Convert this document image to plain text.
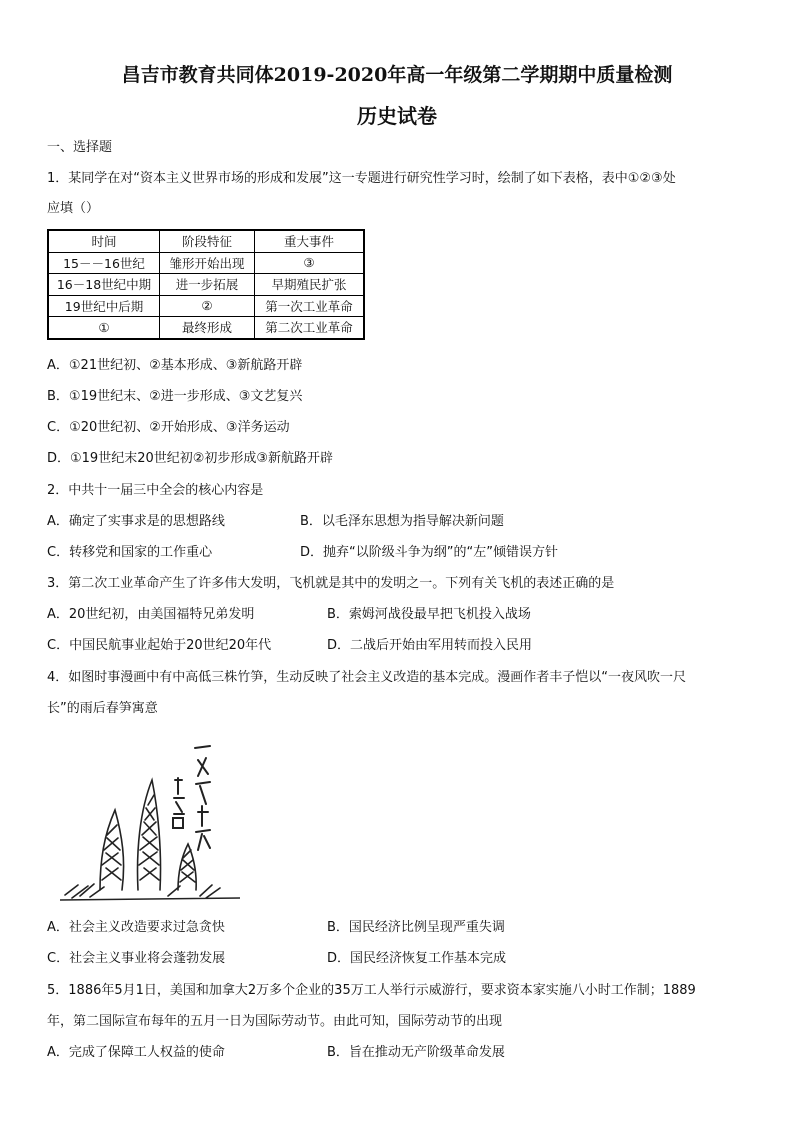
昌吉市教育共同体2019-2020年高一年级第二学期期中质量检测
历史试卷
一、选择题
1．某同学在对“资本主义世界市场的形成和发展”这一专题进行研究性学习时，绘制了如下表格，表中①②③处
应填（）
时间	阶段特征	重大事件
15－－16世纪	雏形开始出现	③
16－18世纪中期	进一步拓展	早期殖民扩张
19世纪中后期	②	第一次工业革命
①	最终形成	第二次工业革命
A．①21世纪初、②基本形成、③新航路开辟
B．①19世纪末、②进一步形成、③文艺复兴
C．①20世纪初、②开始形成、③洋务运动
D．①19世纪末20世纪初②初步形成③新航路开辟
2．中共十一届三中全会的核心内容是
A．确定了实事求是的思想路线	B．以毛泽东思想为指导解决新问题
C．转移党和国家的工作重心	D．抛弃“以阶级斗争为纲”的“左”倾错误方针
3．第二次工业革命产生了许多伟大发明，飞机就是其中的发明之一。下列有关飞机的表述正确的是
A．20世纪初，由美国福特兄弟发明	B．索姆河战役最早把飞机投入战场
C．中国民航事业起始于20世纪20年代	D．二战后开始由军用转而投入民用
4．如图时事漫画中有中高低三株竹笋，生动反映了社会主义改造的基本完成。漫画作者丰子恺以“一夜风吹一尺
长”的雨后春笋寓意
A．社会主义改造要求过急贪快	B．国民经济比例呈现严重失调
C．社会主义事业将会蓬勃发展	D．国民经济恢复工作基本完成
5．1886年5月1日，美国和加拿大2万多个企业的35万工人举行示威游行，要求资本家实施八小时工作制；1889
年，第二国际宣布每年的五月一日为国际劳动节。由此可知，国际劳动节的出现
A．完成了保障工人权益的使命	B．旨在推动无产阶级革命发展
